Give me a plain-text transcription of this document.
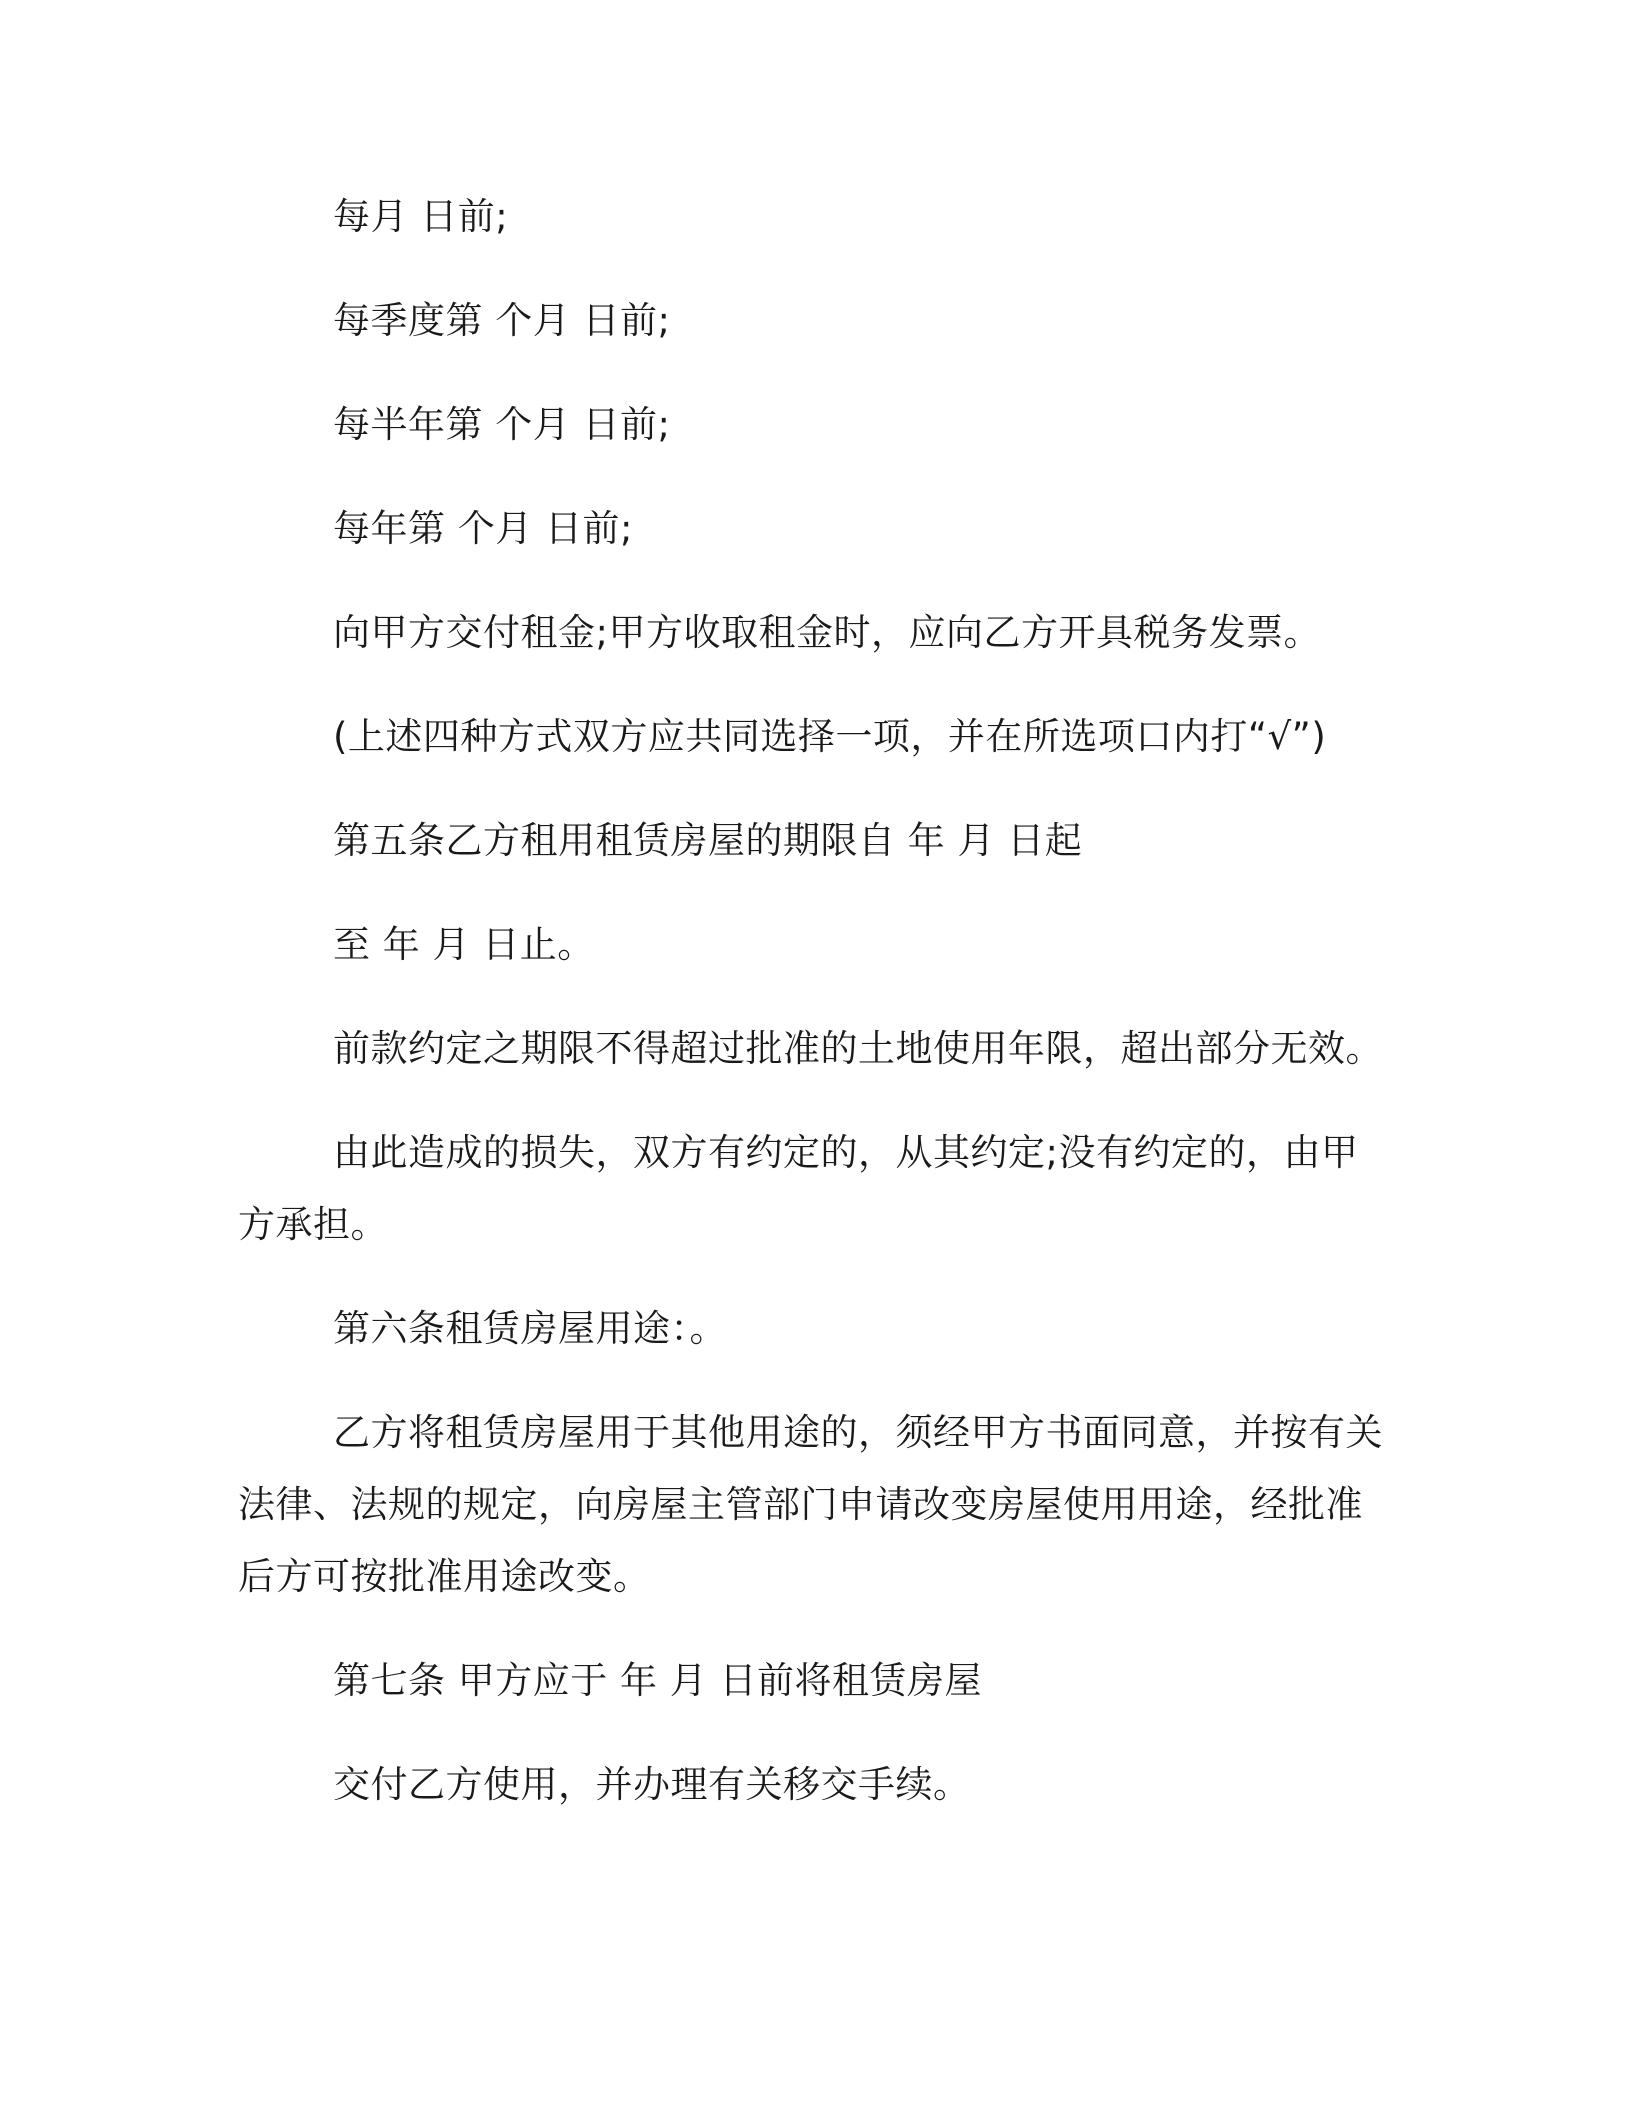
每月 日前;
每季度第 个月 日前;
每半年第 个月 日前;
每年第 个月 日前;
向甲方交付租金;甲方收取租金时，应向乙方开具税务发票。
(上述四种方式双方应共同选择一项，并在所选项口内打“√”)
第五条乙方租用租赁房屋的期限自 年 月 日起
至 年 月 日止。
前款约定之期限不得超过批准的土地使用年限，超出部分无效。
由此造成的损失，双方有约定的，从其约定;没有约定的，由甲
方承担。
第六条租赁房屋用途：。
乙方将租赁房屋用于其他用途的，须经甲方书面同意，并按有关
法律、法规的规定，向房屋主管部门申请改变房屋使用用途，经批准
后方可按批准用途改变。
第七条 甲方应于 年 月 日前将租赁房屋
交付乙方使用，并办理有关移交手续。
